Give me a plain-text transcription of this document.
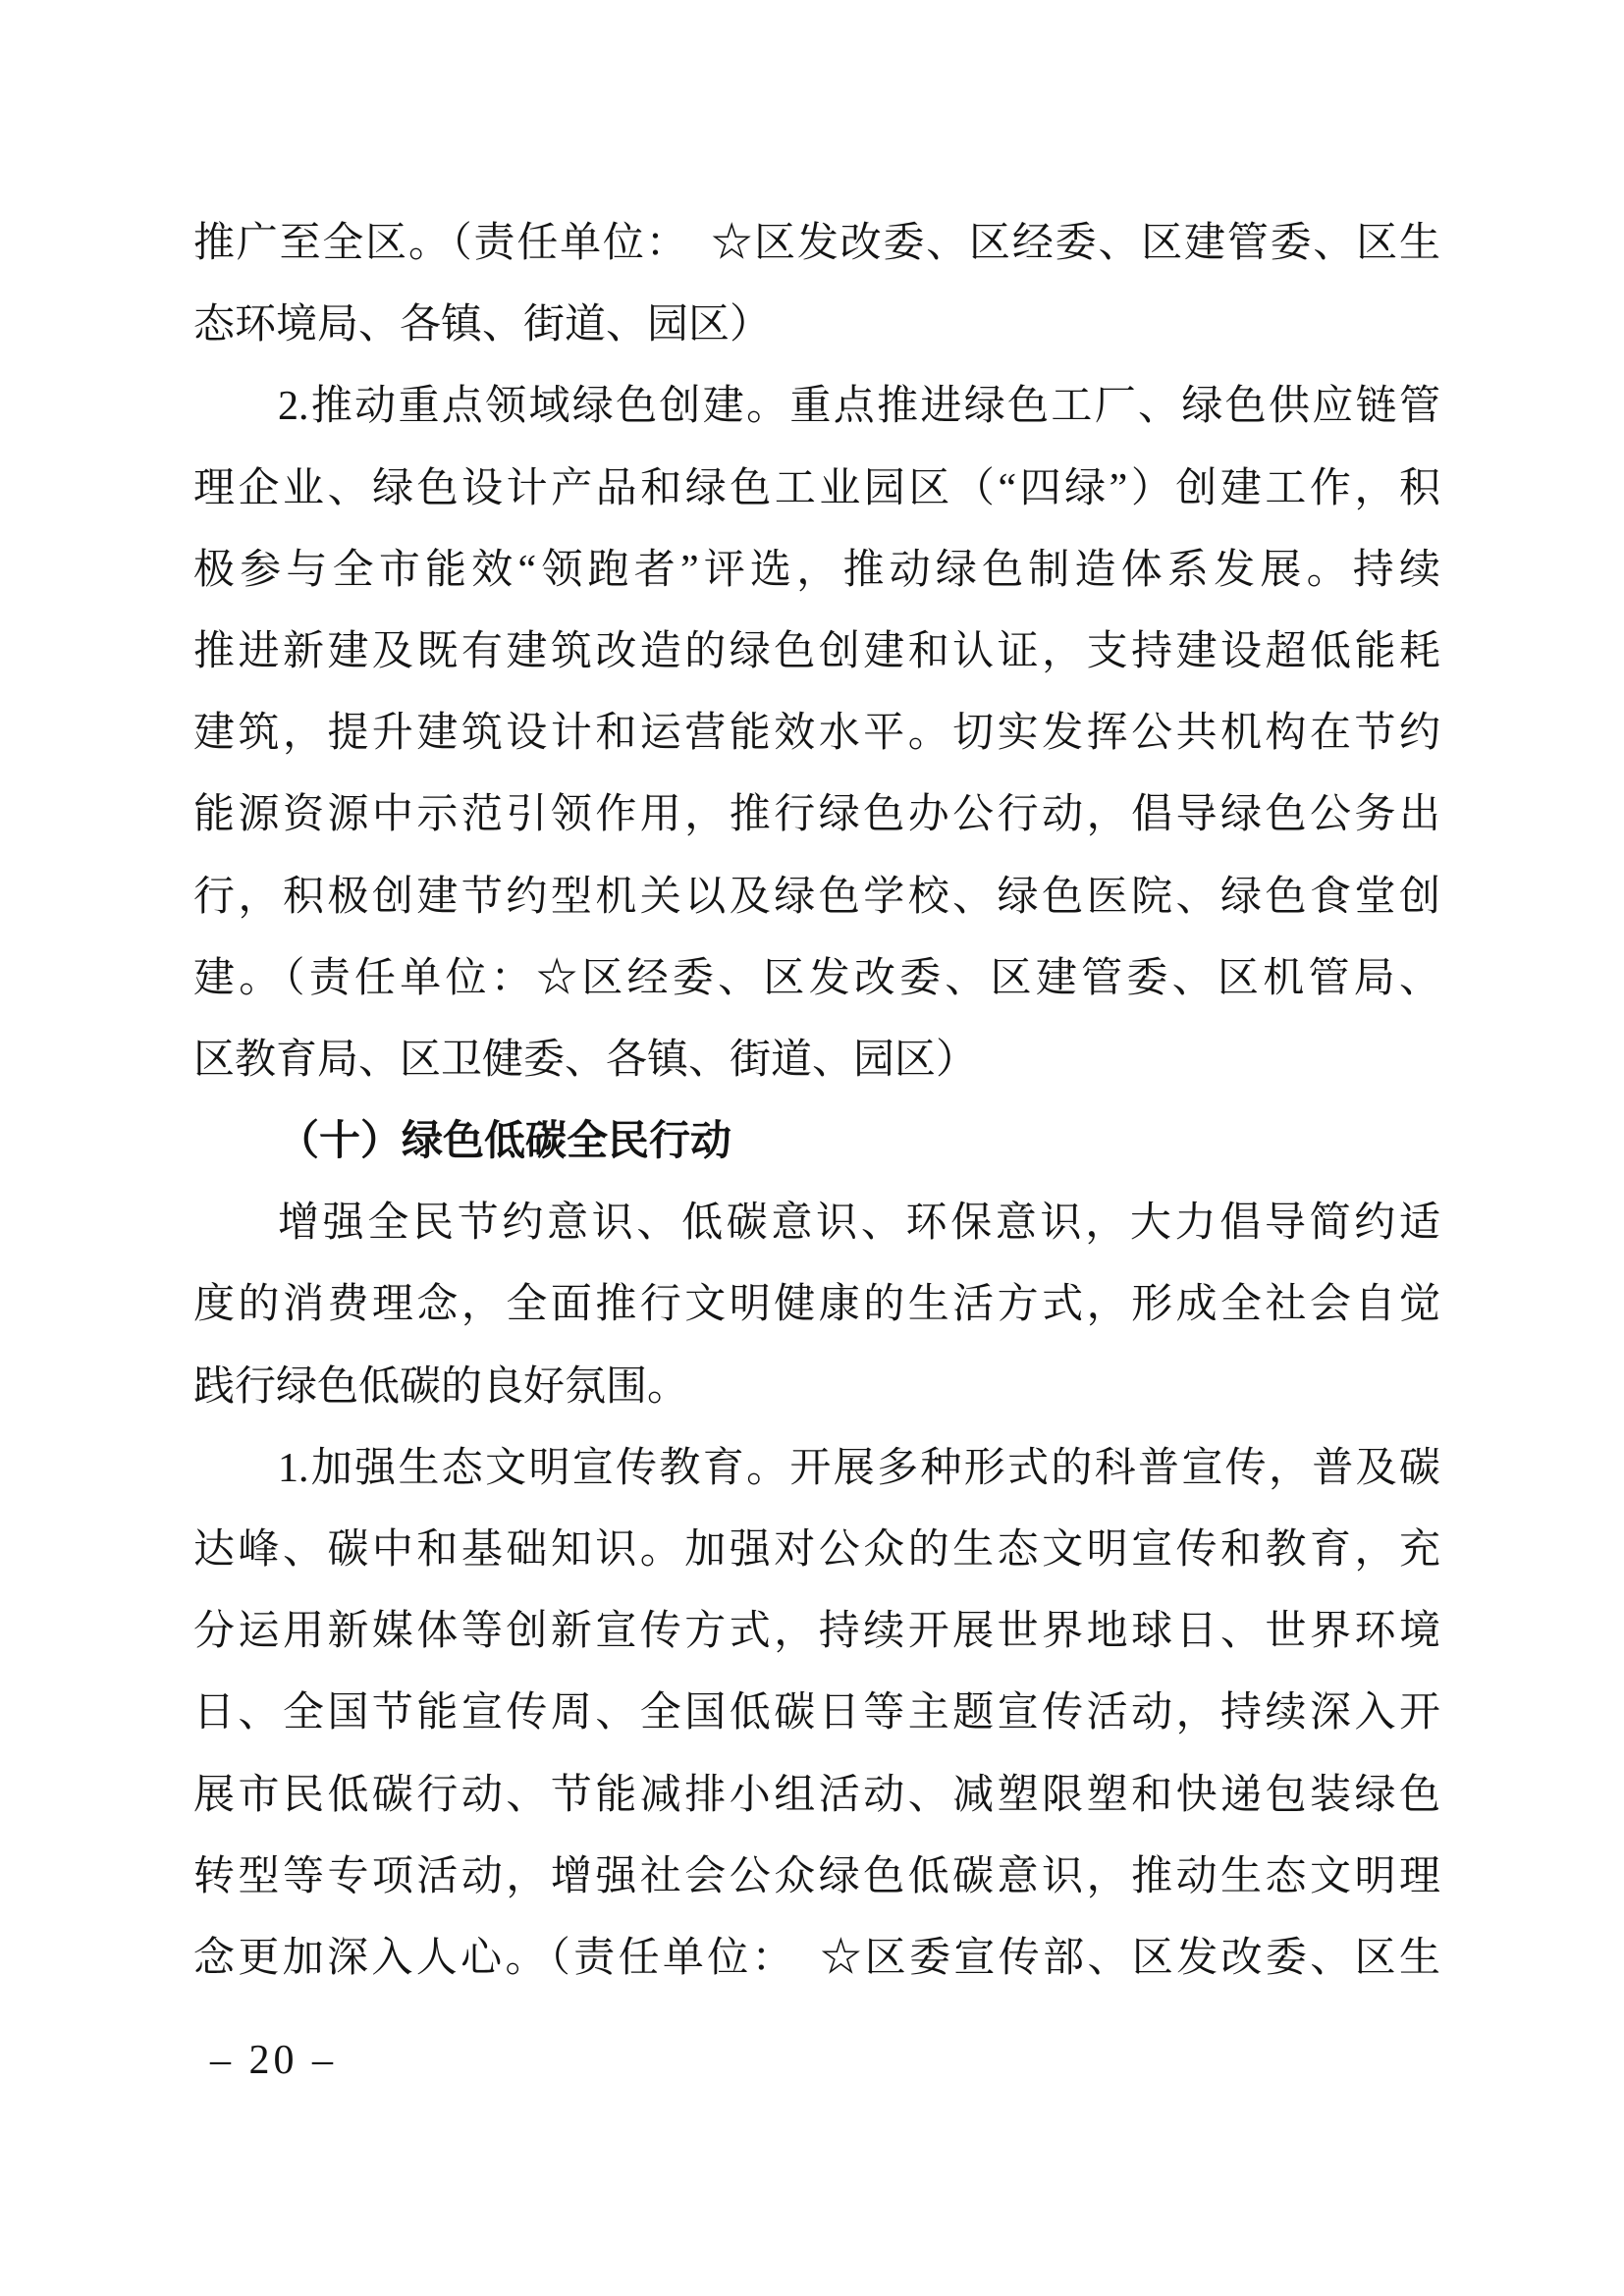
推广至全区。（责任单位：　☆区发改委、区经委、区建管委、区生
态环境局、各镇、街道、园区）
2.推动重点领域绿色创建。重点推进绿色工厂、绿色供应链管
理企业、绿色设计产品和绿色工业园区（“四绿”）创建工作，积
极参与全市能效“领跑者”评选，推动绿色制造体系发展。持续
推进新建及既有建筑改造的绿色创建和认证，支持建设超低能耗
建筑，提升建筑设计和运营能效水平。切实发挥公共机构在节约
能源资源中示范引领作用，推行绿色办公行动，倡导绿色公务出
行，积极创建节约型机关以及绿色学校、绿色医院、绿色食堂创
建。（责任单位：☆区经委、区发改委、区建管委、区机管局、
区教育局、区卫健委、各镇、街道、园区）
（十）绿色低碳全民行动
增强全民节约意识、低碳意识、环保意识，大力倡导简约适
度的消费理念，全面推行文明健康的生活方式，形成全社会自觉
践行绿色低碳的良好氛围。
1.加强生态文明宣传教育。开展多种形式的科普宣传，普及碳
达峰、碳中和基础知识。加强对公众的生态文明宣传和教育，充
分运用新媒体等创新宣传方式，持续开展世界地球日、世界环境
日、全国节能宣传周、全国低碳日等主题宣传活动，持续深入开
展市民低碳行动、节能减排小组活动、减塑限塑和快递包装绿色
转型等专项活动，增强社会公众绿色低碳意识，推动生态文明理
念更加深入人心。（责任单位：　☆区委宣传部、区发改委、区生
– 20 –
